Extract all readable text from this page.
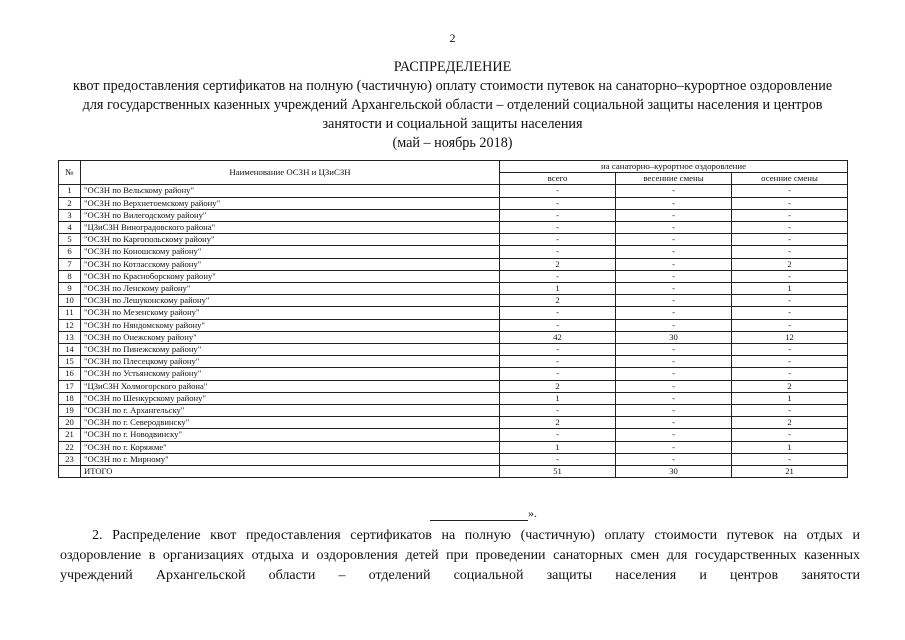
2
РАСПРЕДЕЛЕНИЕ
квот предоставления сертификатов на полную (частичную) оплату стоимости путевок на санаторно–курортное оздоровление
для государственных казенных учреждений Архангельской области – отделений социальной защиты населения и центров
занятости и социальной защиты населения
(май – ноябрь 2018)
№	Наименование ОСЗН и ЦЗиСЗН	на санаторно–курортное оздоровление		
		всего	весенние смены	осенние смены
1	"ОСЗН по Вельскому району"	-	-	-
2	"ОСЗН по Верхнетоемскому району"	-	-	-
3	"ОСЗН по Вилегодскому району"	-	-	-
4	"ЦЗиСЗН Виноградовского района"	-	-	-
5	"ОСЗН по Каргопольскому району"	-	-	-
6	"ОСЗН по Коношскому району"	-	-	-
7	"ОСЗН по Котласскому району"	2	-	2
8	"ОСЗН по Красноборскому району"	-	-	-
9	"ОСЗН по Ленскому району"	1	-	1
10	"ОСЗН по Лешуконскому району"	2	-	-
11	"ОСЗН по Мезенскому району"	-	-	-
12	"ОСЗН по Няндомскому району"	-	-	-
13	"ОСЗН по Онежскому району"	42	30	12
14	"ОСЗН по Пинежскому району"	-	-	-
15	"ОСЗН по Плесецкому району"	-	-	-
16	"ОСЗН по Устьянскому району"	-	-	-
17	"ЦЗиСЗН Холмогорского района"	2	-	2
18	"ОСЗН по Шенкурскому району"	1	-	1
19	"ОСЗН по г. Архангельску"	-	-	-
20	"ОСЗН по г. Северодвинску"	2	-	2
21	"ОСЗН по г. Новодвинску"	-	-	-
22	"ОСЗН по г. Коряжме"	1	-	1
23	"ОСЗН по г. Мирному"	-	-	-
	ИТОГО	51	30	21
».
2. Распределение квот предоставления сертификатов на полную (частичную) оплату стоимости путевок на отдых и
оздоровление в организациях отдыха и оздоровления детей при проведении санаторных смен для государственных казенных
учреждений Архангельской области – отделений социальной защиты населения и центров занятости
